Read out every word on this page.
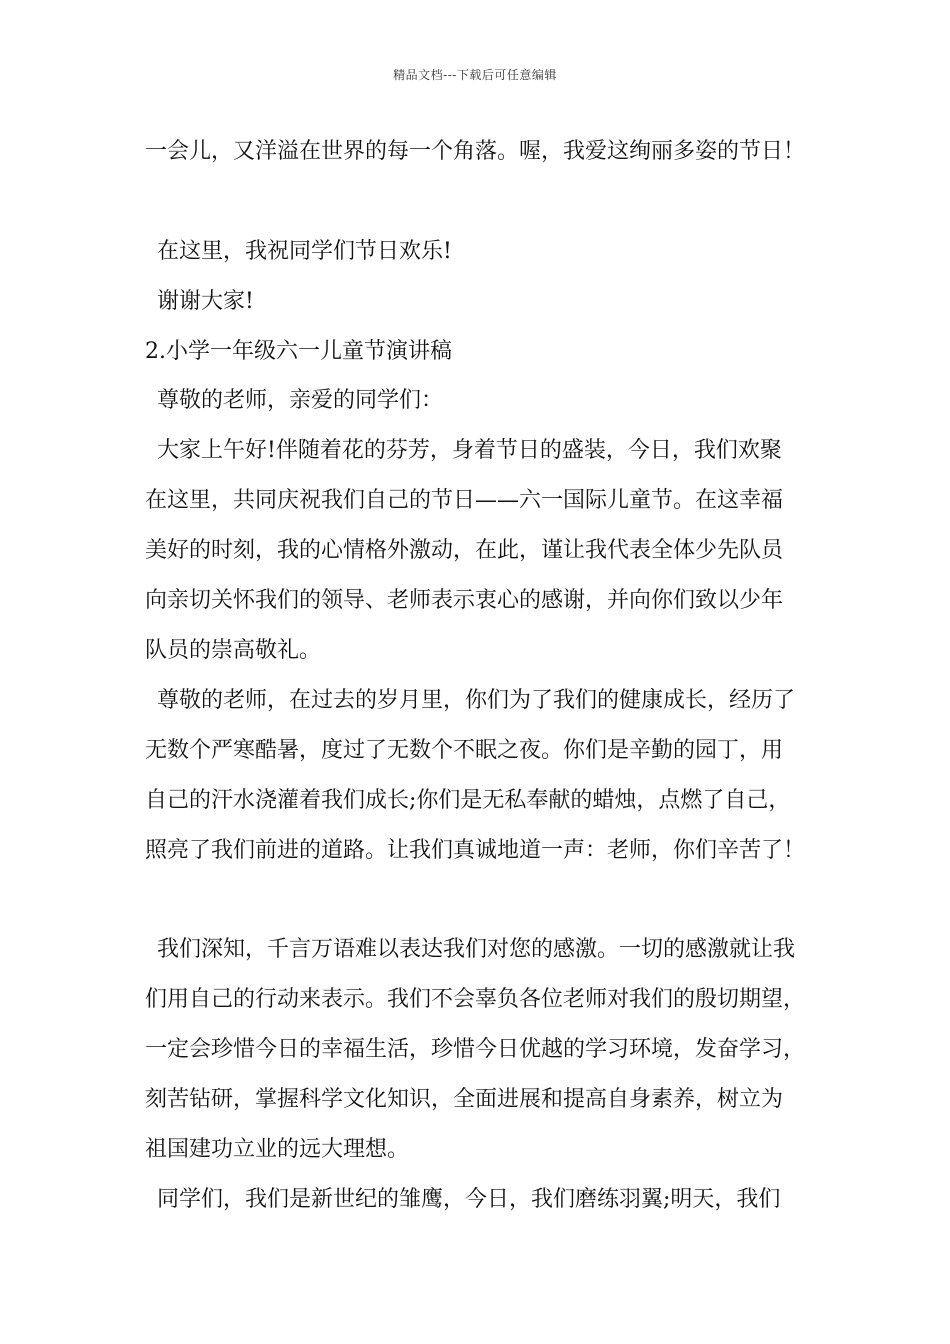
精品文档---下载后可任意编辑
一会儿，又洋溢在世界的每一个角落。喔，我爱这绚丽多姿的节日！
在这里，我祝同学们节日欢乐!
谢谢大家!
2.小学一年级六一儿童节演讲稿
尊敬的老师，亲爱的同学们：
大家上午好!伴随着花的芬芳，身着节日的盛装，今日，我们欢聚
在这里，共同庆祝我们自己的节日——六一国际儿童节。在这幸福
美好的时刻，我的心情格外激动，在此，谨让我代表全体少先队员
向亲切关怀我们的领导、老师表示衷心的感谢，并向你们致以少年
队员的崇高敬礼。
尊敬的老师，在过去的岁月里，你们为了我们的健康成长，经历了
无数个严寒酷暑，度过了无数个不眠之夜。你们是辛勤的园丁，用
自己的汗水浇灌着我们成长;你们是无私奉献的蜡烛，点燃了自己，
照亮了我们前进的道路。让我们真诚地道一声：老师，你们辛苦了！
我们深知，千言万语难以表达我们对您的感激。一切的感激就让我
们用自己的行动来表示。我们不会辜负各位老师对我们的殷切期望，
一定会珍惜今日的幸福生活，珍惜今日优越的学习环境，发奋学习，
刻苦钻研，掌握科学文化知识，全面进展和提高自身素养，树立为
祖国建功立业的远大理想。
同学们，我们是新世纪的雏鹰，今日，我们磨练羽翼;明天，我们
